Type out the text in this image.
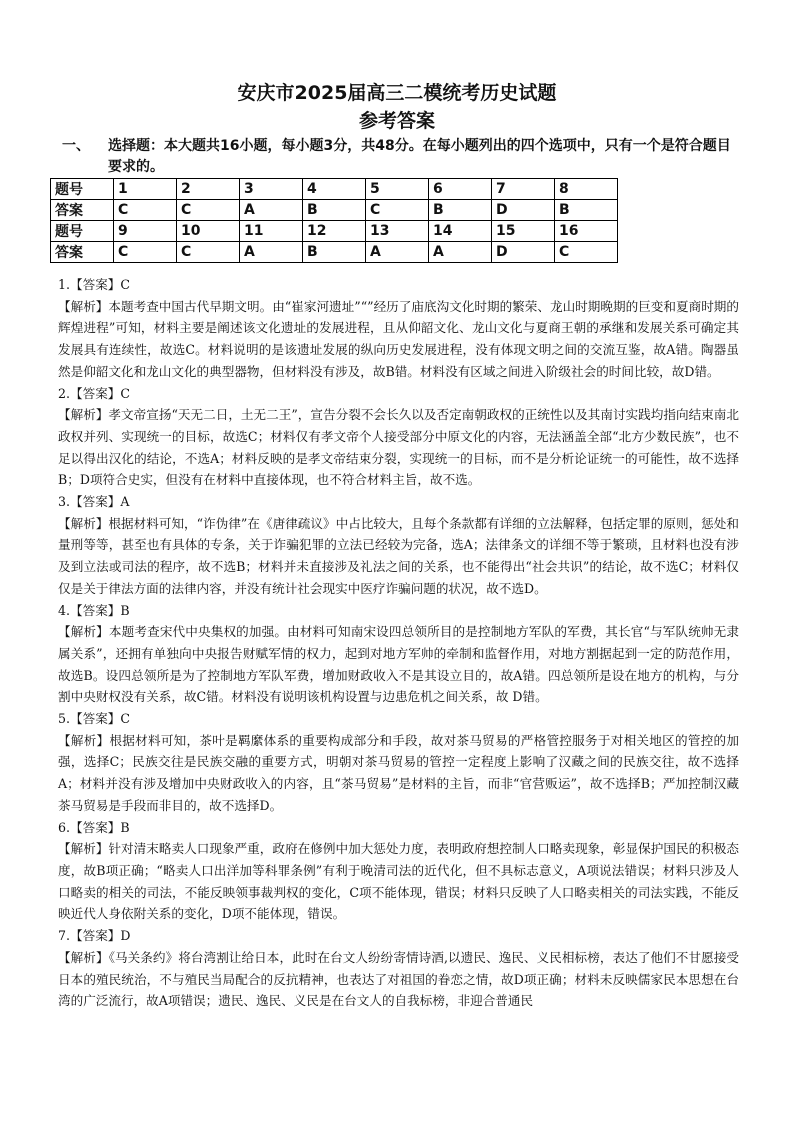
安庆市2025届高三二模统考历史试题
参考答案
一、 选择题：本大题共16小题，每小题3分，共48分。在每小题列出的四个选项中，只有一个是符合题目要求的。
题号	1	2	3	4	5	6	7	8
答案	C	C	A	B	C	B	D	B
题号	9	10	11	12	13	14	15	16
答案	C	C	A	B	A	A	D	C

1.【答案】C

【解析】本题考查中国古代早期文明。由“崔家河遗址”“”经历了庙底沟文化时期的繁荣、龙山时期晚期的巨变和夏商时期的辉煌进程”可知，材料主要是阐述该文化遗址的发展进程，且从仰韶文化、龙山文化与夏商王朝的承继和发展关系可确定其发展具有连续性，故选C。材料说明的是该遗址发展的纵向历史发展进程，没有体现文明之间的交流互鉴，故A错。陶器虽然是仰韶文化和龙山文化的典型器物，但材料没有涉及，故B错。材料没有区域之间进入阶级社会的时间比较，故D错。

2.【答案】C

【解析】孝文帝宣扬“天无二日，土无二王”，宣告分裂不会长久以及否定南朝政权的正统性以及其南讨实践均指向结束南北政权并列、实现统一的目标，故选C；材料仅有孝文帝个人接受部分中原文化的内容，无法涵盖全部“北方少数民族”，也不足以得出汉化的结论，不选A；材料反映的是孝文帝结束分裂，实现统一的目标，而不是分析论证统一的可能性，故不选择B；D项符合史实，但没有在材料中直接体现，也不符合材料主旨，故不选。

3.【答案】A

【解析】根据材料可知，“诈伪律”在《唐律疏议》中占比较大，且每个条款都有详细的立法解释，包括定罪的原则，惩处和量刑等等，甚至也有具体的专条，关于诈骗犯罪的立法已经较为完备，选A；法律条文的详细不等于繁琐，且材料也没有涉及到立法或司法的程序，故不选B；材料并未直接涉及礼法之间的关系，也不能得出“社会共识”的结论，故不选C；材料仅仅是关于律法方面的法律内容，并没有统计社会现实中医疗诈骗问题的状况，故不选D。

4.【答案】B

【解析】本题考查宋代中央集权的加强。由材料可知南宋设四总领所目的是控制地方军队的军费，其长官“与军队统帅无隶属关系”，还拥有单独向中央报告财赋军情的权力，起到对地方军帅的牵制和监督作用，对地方割据起到一定的防范作用，故选B。设四总领所是为了控制地方军队军费，增加财政收入不是其设立目的，故A错。四总领所是设在地方的机构，与分割中央财权没有关系，故C错。材料没有说明该机构设置与边患危机之间关系，故 D错。

5.【答案】C

【解析】根据材料可知，茶叶是羁縻体系的重要构成部分和手段，故对茶马贸易的严格管控服务于对相关地区的管控的加强，选择C；民族交往是民族交融的重要方式，明朝对茶马贸易的管控一定程度上影响了汉藏之间的民族交往，故不选择A；材料并没有涉及增加中央财政收入的内容，且“茶马贸易”是材料的主旨，而非“官营贩运”，故不选择B；严加控制汉藏茶马贸易是手段而非目的，故不选择D。

6.【答案】B

【解析】针对清末略卖人口现象严重，政府在修例中加大惩处力度，表明政府想控制人口略卖现象，彰显保护国民的积极态度，故B项正确；“略卖人口出洋加等科罪条例”有利于晚清司法的近代化，但不具标志意义，A项说法错误；材料只涉及人口略卖的相关的司法，不能反映领事裁判权的变化，C项不能体现，错误；材料只反映了人口略卖相关的司法实践，不能反映近代人身依附关系的变化，D项不能体现，错误。

7.【答案】D

【解析】《马关条约》将台湾割让给日本，此时在台文人纷纷寄情诗酒,以遗民、逸民、义民相标榜，表达了他们不甘愿接受日本的殖民统治，不与殖民当局配合的反抗精神，也表达了对祖国的眷恋之情，故D项正确；材料未反映儒家民本思想在台湾的广泛流行，故A项错误；遗民、逸民、义民是在台文人的自我标榜，非迎合普通民
